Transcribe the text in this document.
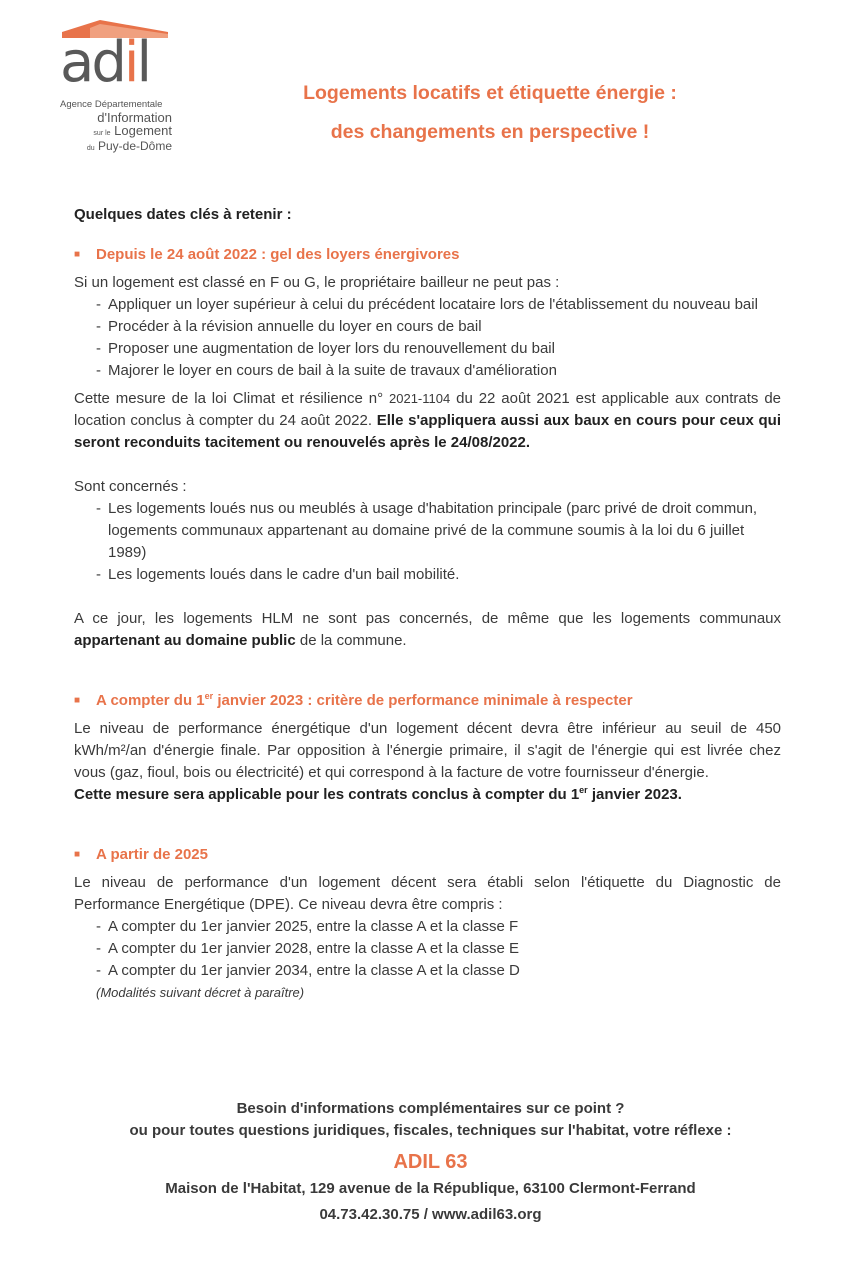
adil
Agence Départementale
d'Information
sur le Logement
du Puy-de-Dôme
Logements locatifs et étiquette énergie :
des changements en perspective !
Quelques dates clés à retenir :
■	Depuis le 24 août 2022 : gel des loyers énergivores

Si un logement est classé en F ou G, le propriétaire bailleur ne peut pas :

- Appliquer un loyer supérieur à celui du précédent locataire lors de l'établissement du nouveau bail
- Procéder à la révision annuelle du loyer en cours de bail
- Proposer une augmentation de loyer lors du renouvellement du bail
- Majorer le loyer en cours de bail à la suite de travaux d'amélioration

Cette mesure de la loi Climat et résilience n° 2021-1104 du 22 août 2021 est applicable aux contrats de location conclus à compter du 24 août 2022. Elle s'appliquera aussi aux baux en cours pour ceux qui seront reconduits tacitement ou renouvelés après le 24/08/2022.

Sont concernés :

- Les logements loués nus ou meublés à usage d'habitation principale (parc privé de droit commun, logements communaux appartenant au domaine privé de la commune soumis à la loi du 6 juillet 1989)
- Les logements loués dans le cadre d'un bail mobilité.

A ce jour, les logements HLM ne sont pas concernés, de même que les logements communaux appartenant au domaine public de la commune.

■	A compter du 1er janvier 2023 : critère de performance minimale à respecter

Le niveau de performance énergétique d'un logement décent devra être inférieur au seuil de 450 kWh/m²/an d'énergie finale. Par opposition à l'énergie primaire, il s'agit de l'énergie qui est livrée chez vous (gaz, fioul, bois ou électricité) et qui correspond à la facture de votre fournisseur d'énergie.

Cette mesure sera applicable pour les contrats conclus à compter du 1er janvier 2023.

■	A partir de 2025

Le niveau de performance d'un logement décent sera établi selon l'étiquette du Diagnostic de Performance Energétique (DPE). Ce niveau devra être compris :

- A compter du 1er janvier 2025, entre la classe A et la classe F
- A compter du 1er janvier 2028, entre la classe A et la classe E
- A compter du 1er janvier 2034, entre la classe A et la classe D
(Modalités suivant décret à paraître)
Besoin d'informations complémentaires sur ce point ?
ou pour toutes questions juridiques, fiscales, techniques sur l'habitat, votre réflexe :
ADIL 63
Maison de l'Habitat, 129 avenue de la République, 63100 Clermont-Ferrand
04.73.42.30.75 / www.adil63.org
